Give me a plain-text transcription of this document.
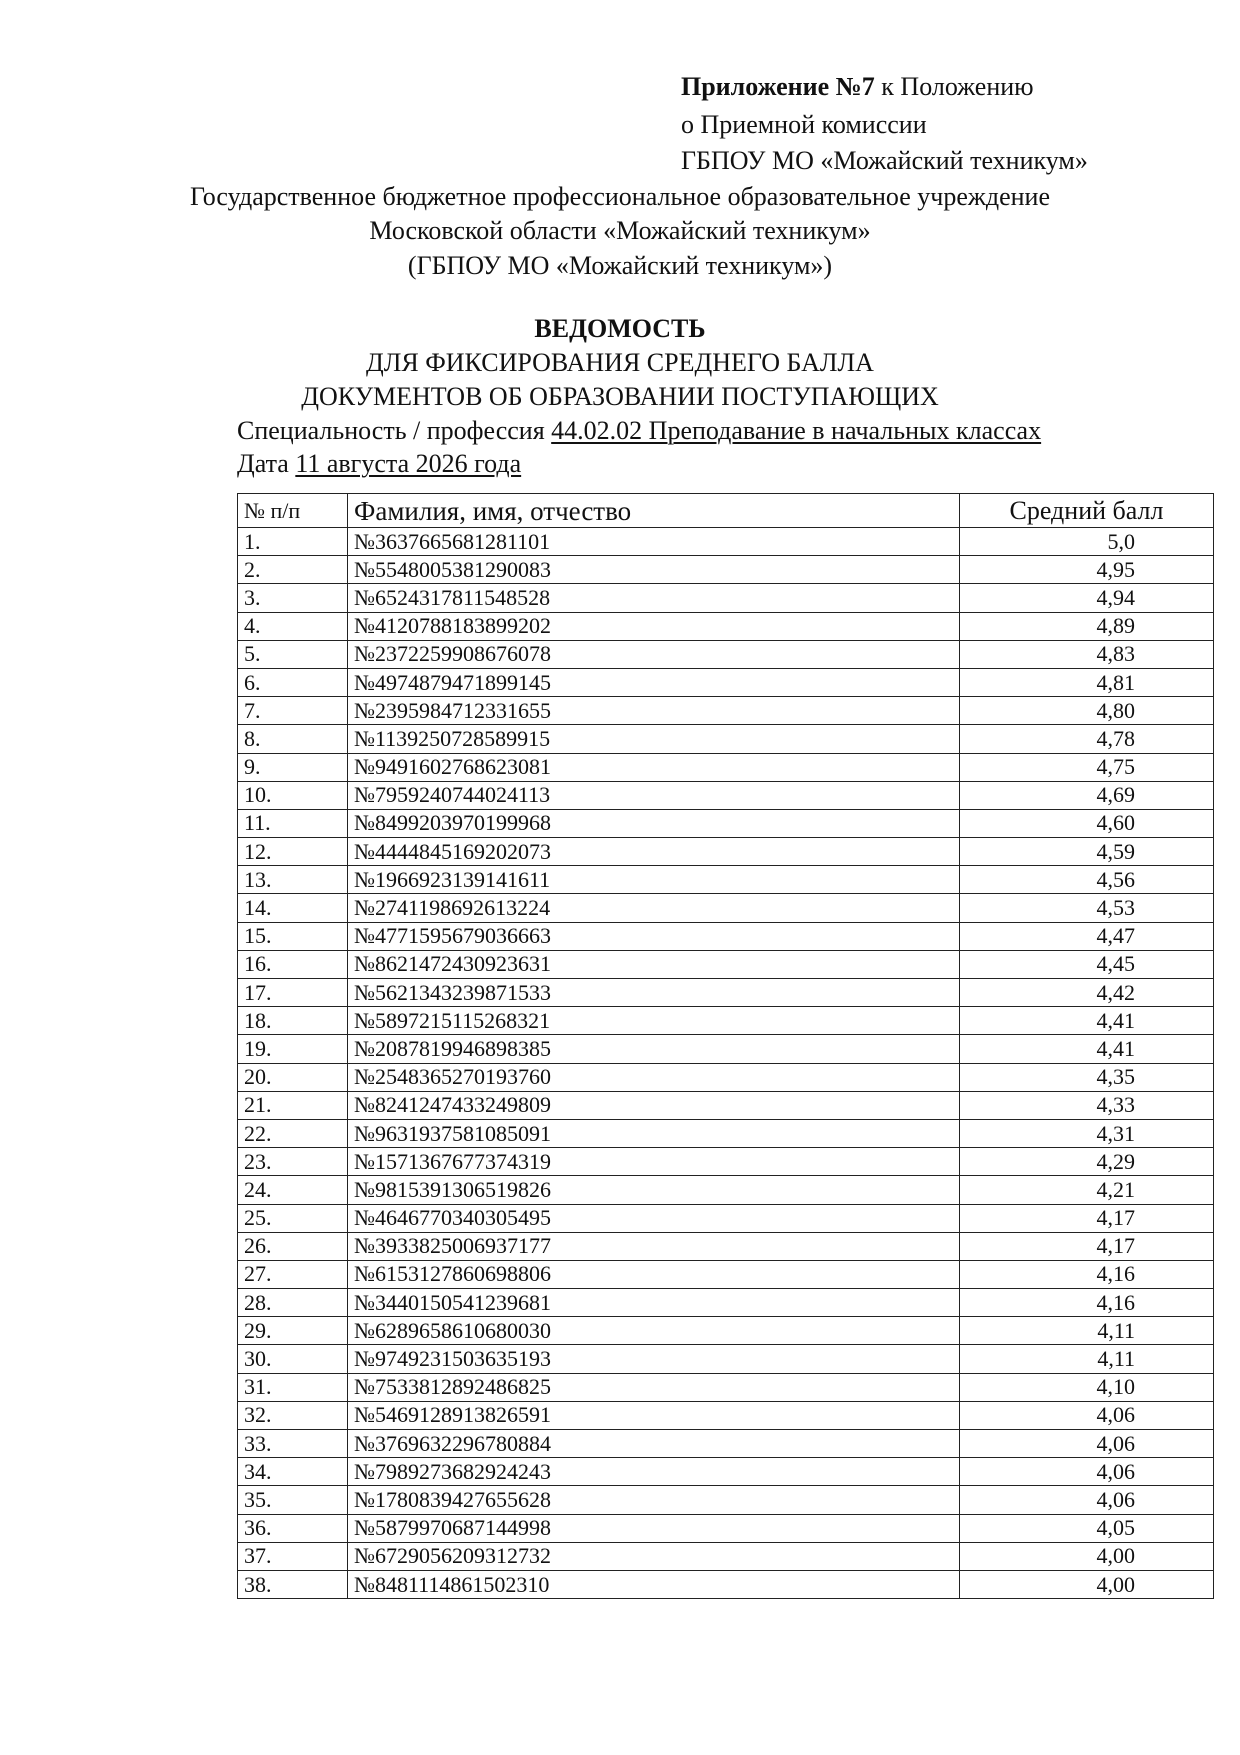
Приложение №7 к Положению
о Приемной комиссии
ГБПОУ МО «Можайский техникум»
Государственное бюджетное профессиональное образовательное учреждение
Московской области «Можайский техникум»
(ГБПОУ МО «Можайский техникум»)
ВЕДОМОСТЬ
ДЛЯ ФИКСИРОВАНИЯ СРЕДНЕГО БАЛЛА
ДОКУМЕНТОВ ОБ ОБРАЗОВАНИИ ПОСТУПАЮЩИХ
Специальность / профессия 44.02.02 Преподавание в начальных классах
Дата 11 августа 2026 года
№ п/п	Фамилия, имя, отчество	Средний балл
1.	№3637665681281101	5,0
2.	№5548005381290083	4,95
3.	№6524317811548528	4,94
4.	№4120788183899202	4,89
5.	№2372259908676078	4,83
6.	№4974879471899145	4,81
7.	№2395984712331655	4,80
8.	№1139250728589915	4,78
9.	№9491602768623081	4,75
10.	№7959240744024113	4,69
11.	№8499203970199968	4,60
12.	№4444845169202073	4,59
13.	№1966923139141611	4,56
14.	№2741198692613224	4,53
15.	№4771595679036663	4,47
16.	№8621472430923631	4,45
17.	№5621343239871533	4,42
18.	№5897215115268321	4,41
19.	№2087819946898385	4,41
20.	№2548365270193760	4,35
21.	№8241247433249809	4,33
22.	№9631937581085091	4,31
23.	№1571367677374319	4,29
24.	№9815391306519826	4,21
25.	№4646770340305495	4,17
26.	№3933825006937177	4,17
27.	№6153127860698806	4,16
28.	№3440150541239681	4,16
29.	№6289658610680030	4,11
30.	№9749231503635193	4,11
31.	№7533812892486825	4,10
32.	№5469128913826591	4,06
33.	№3769632296780884	4,06
34.	№7989273682924243	4,06
35.	№1780839427655628	4,06
36.	№5879970687144998	4,05
37.	№6729056209312732	4,00
38.	№8481114861502310	4,00
